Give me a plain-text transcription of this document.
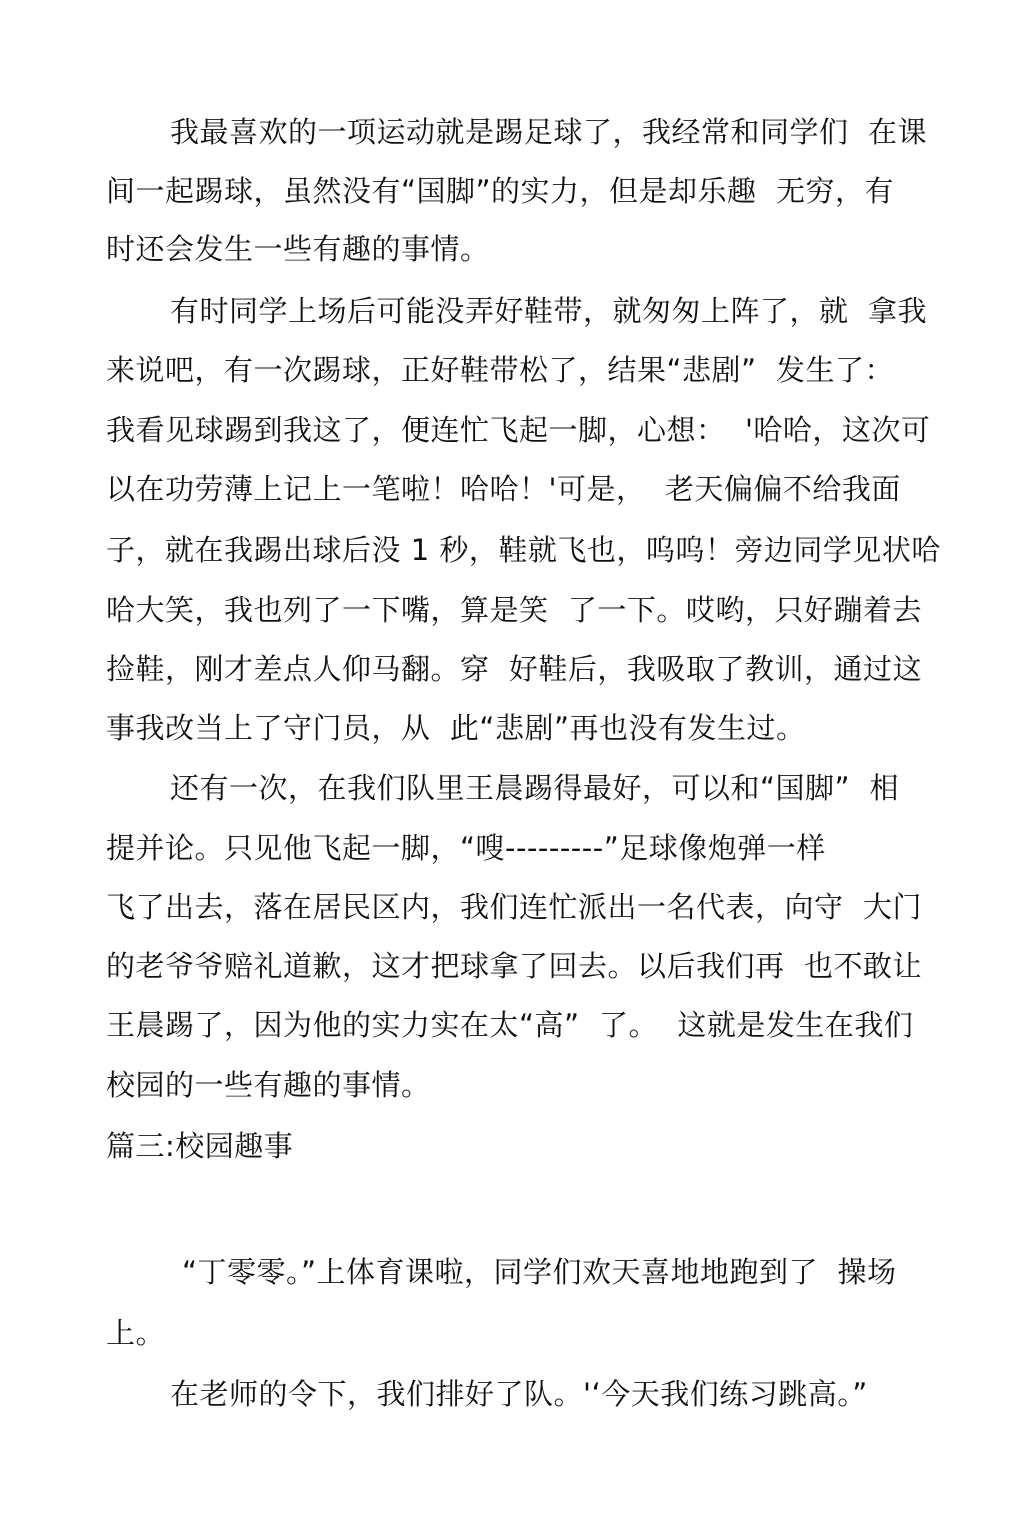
我最喜欢的一项运动就是踢足球了，我经常和同学们  在课
间一起踢球，虽然没有“国脚”的实力，但是却乐趣  无穷，有
时还会发生一些有趣的事情。
有时同学上场后可能没弄好鞋带，就匆匆上阵了，就  拿我
来说吧，有一次踢球，正好鞋带松了，结果“悲剧”  发生了：
我看见球踢到我这了，便连忙飞起一脚，心想：  '哈哈，这次可
以在功劳薄上记上一笔啦！哈哈！'可是，  老天偏偏不给我面
子，就在我踢出球后没 1 秒，鞋就飞也，呜呜！旁边同学见状哈
哈大笑，我也列了一下嘴，算是笑  了一下。哎哟，只好蹦着去
捡鞋，刚才差点人仰马翻。穿  好鞋后，我吸取了教训，通过这
事我改当上了守门员，从  此“悲剧”再也没有发生过。
还有一次，在我们队里王晨踢得最好，可以和“国脚”  相
提并论。只见他飞起一脚，“嗖---------”足球像炮弹一样
飞了出去，落在居民区内，我们连忙派出一名代表，向守  大门
的老爷爷赔礼道歉，这才把球拿了回去。以后我们再  也不敢让
王晨踢了，因为他的实力实在太“高”  了。  这就是发生在我们
校园的一些有趣的事情。
篇三:校园趣事
“丁零零。”上体育课啦，同学们欢天喜地地跑到了  操场
上。
在老师的令下，我们排好了队。'‘今天我们练习跳高。”
